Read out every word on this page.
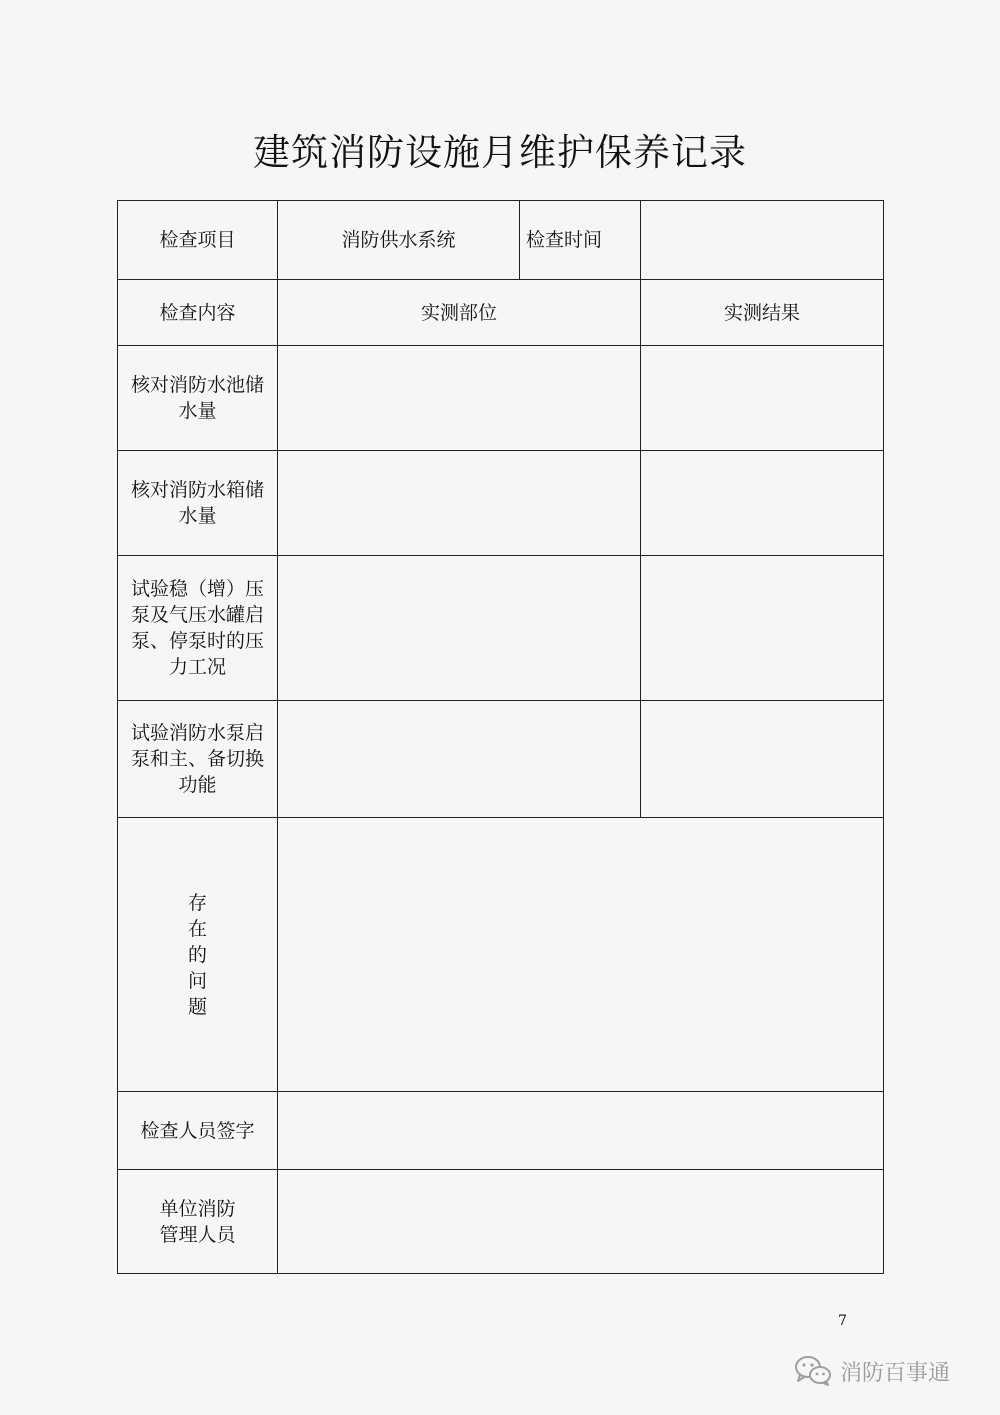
建筑消防设施月维护保养记录
检查项目	消防供水系统	检查时间	
检查内容	实测部位		实测结果
核对消防水池储水量			
核对消防水箱储水量			
试验稳（增）压泵及气压水罐启泵、停泵时的压力工况			
试验消防水泵启泵和主、备切换功能			

存在的问题			

检查人员签字			

单位消防管理人员			

7
消防百事通
